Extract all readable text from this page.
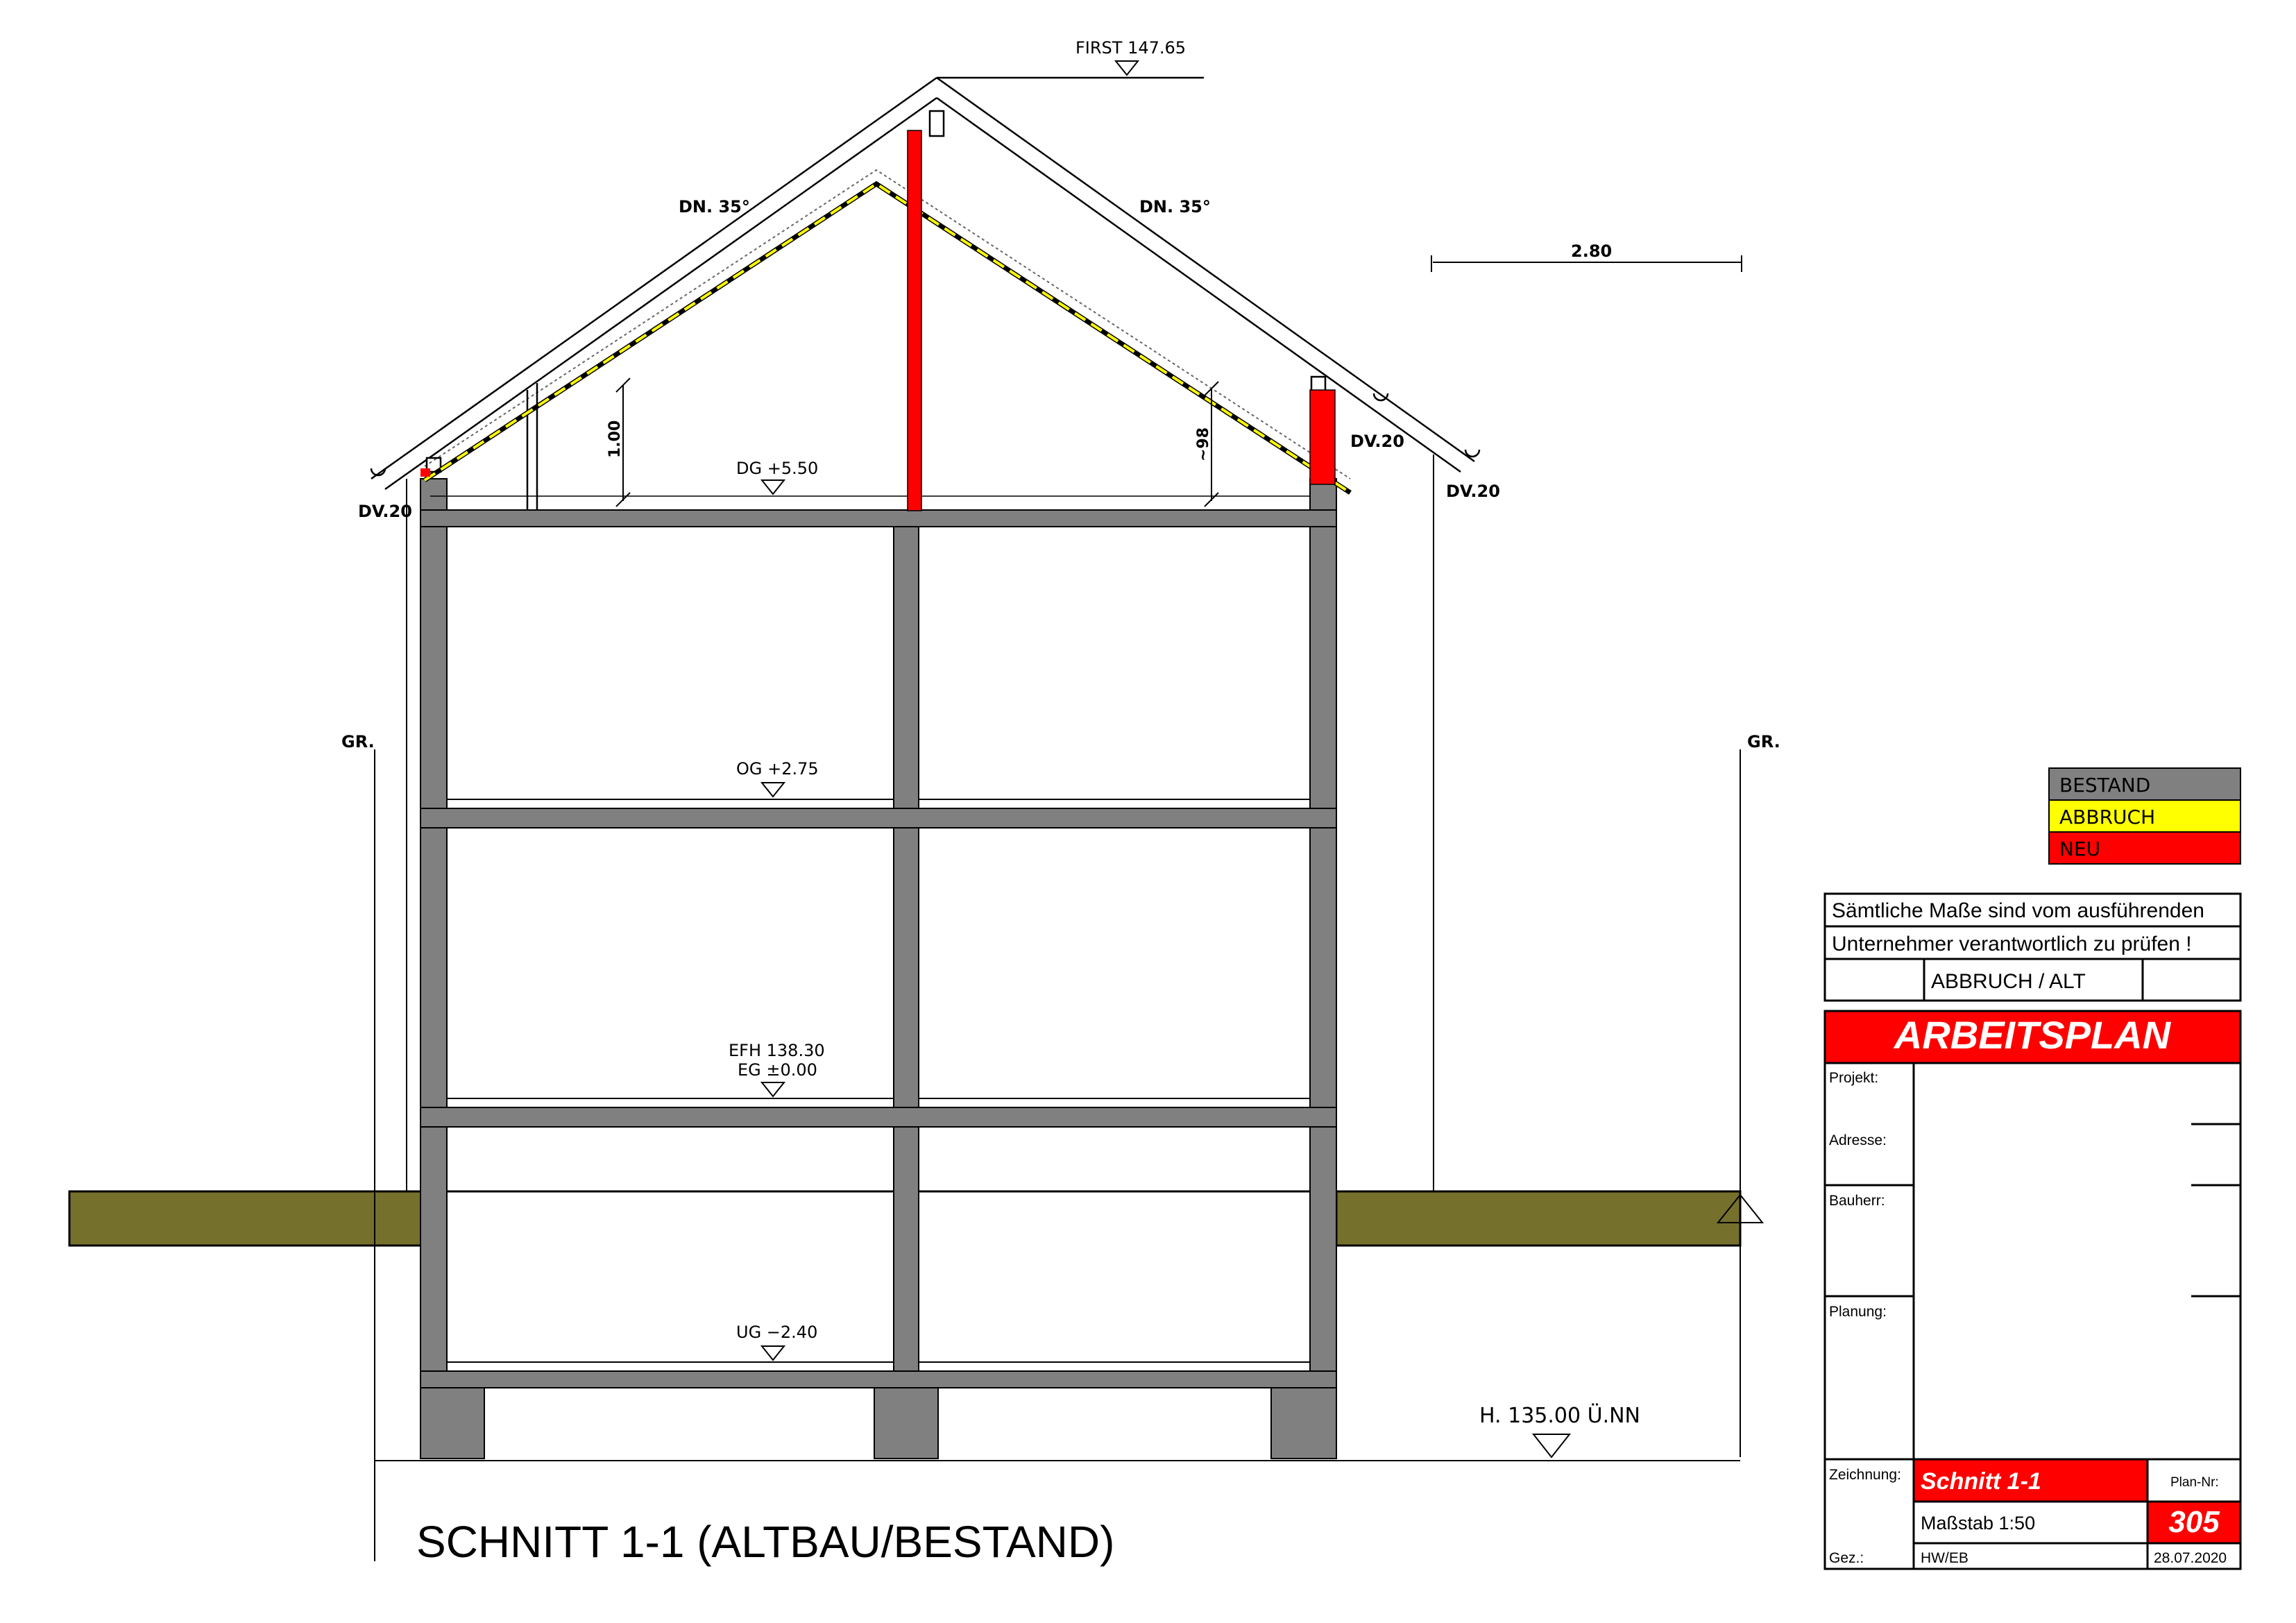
FIRST 147.65
DN. 35°	DN. 35°
2.80
1.00	~98
DV.20
DV.20
DV.20
GR.	GR.
DG +5.50
OG +2.75
EFH 138.30
EG ±0.00
UG −2.40
H. 135.00 Ü.NN
SCHNITT 1-1 (ALTBAU/BESTAND)
BESTAND
ABBRUCH
NEU
Sämtliche Maße sind vom ausführenden
Unternehmer verantwortlich zu prüfen !
ABBRUCH / ALT
ARBEITSPLAN
Projekt:
Adresse:
Bauherr:
Planung:
Zeichnung:
Gez.:
Plan-Nr:
Schnitt 1-1
Maßstab 1:50	305
HW/EB	28.07.2020
